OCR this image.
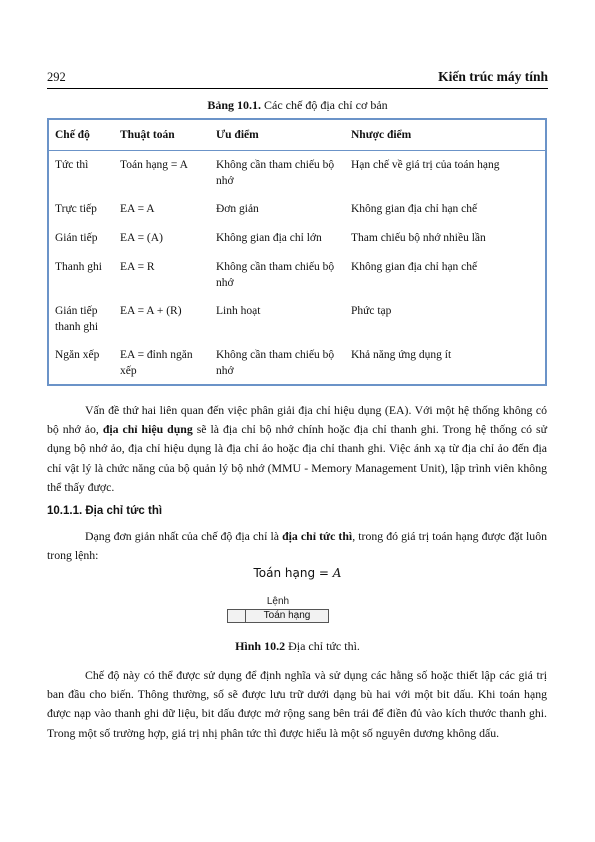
292	Kiến trúc máy tính
Bảng 10.1. Các chế độ địa chỉ cơ bản
Chế độ	Thuật toán	Ưu điểm	Nhược điểm
Tức thì	Toán hạng = A	Không cần tham chiếu bộ nhớ	Hạn chế về giá trị của toán hạng
Trực tiếp	EA = A	Đơn giản	Không gian địa chỉ hạn chế
Gián tiếp	EA = (A)	Không gian địa chỉ lớn	Tham chiếu bộ nhớ nhiều lần
Thanh ghi	EA = R	Không cần tham chiếu bộ nhớ	Không gian địa chỉ hạn chế
Gián tiếp thanh ghi	EA = A + (R)	Linh hoạt	Phức tạp
Ngăn xếp	EA = đỉnh ngăn xếp	Không cần tham chiếu bộ nhớ	Khả năng ứng dụng ít

Vấn đề thứ hai liên quan đến việc phân giải địa chỉ hiệu dụng (EA). Với một hệ thống không có bộ nhớ ảo, địa chỉ hiệu dụng sẽ là địa chỉ bộ nhớ chính hoặc địa chỉ thanh ghi. Trong hệ thống có sử dụng bộ nhớ ảo, địa chỉ hiệu dụng là địa chỉ ảo hoặc địa chỉ thanh ghi. Việc ánh xạ từ địa chỉ ảo đến địa chỉ vật lý là chức năng của bộ quản lý bộ nhớ (MMU - Memory Management Unit), lập trình viên không thể thấy được.

10.1.1. Địa chỉ tức thì

Dạng đơn giản nhất của chế độ địa chỉ là địa chỉ tức thì, trong đó giá trị toán hạng được đặt luôn trong lệnh:

Toán hạng = A
Lệnh
Toán hạng
Hình 10.2 Địa chỉ tức thì.

Chế độ này có thể được sử dụng để định nghĩa và sử dụng các hằng số hoặc thiết lập các giá trị ban đầu cho biến. Thông thường, số sẽ được lưu trữ dưới dạng bù hai với một bit dấu. Khi toán hạng được nạp vào thanh ghi dữ liệu, bit dấu được mở rộng sang bên trái để điền đủ vào kích thước thanh ghi. Trong một số trường hợp, giá trị nhị phân tức thì được hiểu là một số nguyên dương không dấu.
